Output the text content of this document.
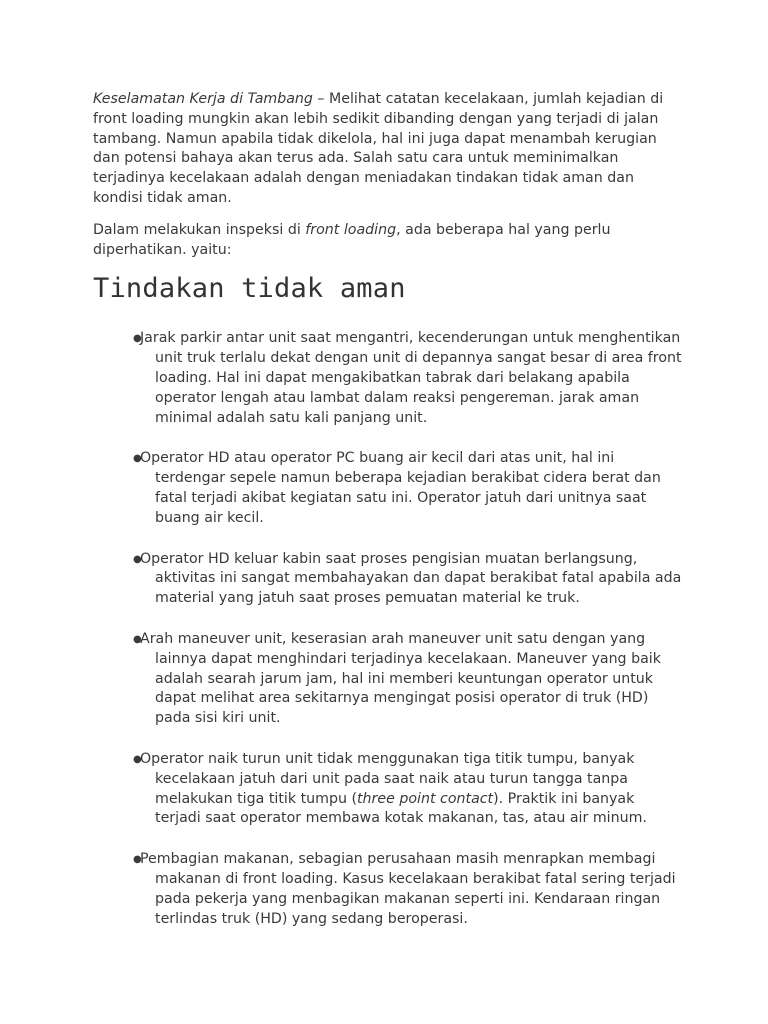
Keselamatan Kerja di Tambang – Melihat catatan kecelakaan, jumlah kejadian di front loading mungkin akan lebih sedikit dibanding dengan yang terjadi di jalan tambang. Namun apabila tidak dikelola, hal ini juga dapat menambah kerugian dan potensi bahaya akan terus ada. Salah satu cara untuk meminimalkan terjadinya kecelakaan adalah dengan meniadakan tindakan tidak aman dan kondisi tidak aman.

Dalam melakukan inspeksi di front loading, ada beberapa hal yang perlu diperhatikan. yaitu:

Tindakan tidak aman
●Jarak parkir antar unit saat mengantri, kecenderungan untuk menghentikan unit truk terlalu dekat dengan unit di depannya sangat besar di area front loading. Hal ini dapat mengakibatkan tabrak dari belakang apabila operator lengah atau lambat dalam reaksi pengereman. jarak aman minimal adalah satu kali panjang unit.
●Operator HD atau operator PC buang air kecil dari atas unit, hal ini terdengar sepele namun beberapa kejadian berakibat cidera berat dan fatal terjadi akibat kegiatan satu ini. Operator jatuh dari unitnya saat buang air kecil.
●Operator HD keluar kabin saat proses pengisian muatan berlangsung, aktivitas ini sangat membahayakan dan dapat berakibat fatal apabila ada material yang jatuh saat proses pemuatan material ke truk.
●Arah maneuver unit, keserasian arah maneuver unit satu dengan yang lainnya dapat menghindari terjadinya kecelakaan. Maneuver yang baik adalah searah jarum jam, hal ini memberi keuntungan operator untuk dapat melihat area sekitarnya mengingat posisi operator di truk (HD) pada sisi kiri unit.
●Operator naik turun unit tidak menggunakan tiga titik tumpu, banyak kecelakaan jatuh dari unit pada saat naik atau turun tangga tanpa melakukan tiga titik tumpu (three point contact). Praktik ini banyak terjadi saat operator membawa kotak makanan, tas, atau air minum.
●Pembagian makanan, sebagian perusahaan masih menrapkan membagi makanan di front loading. Kasus kecelakaan berakibat fatal sering terjadi pada pekerja yang menbagikan makanan seperti ini. Kendaraan ringan terlindas truk (HD) yang sedang beroperasi.
